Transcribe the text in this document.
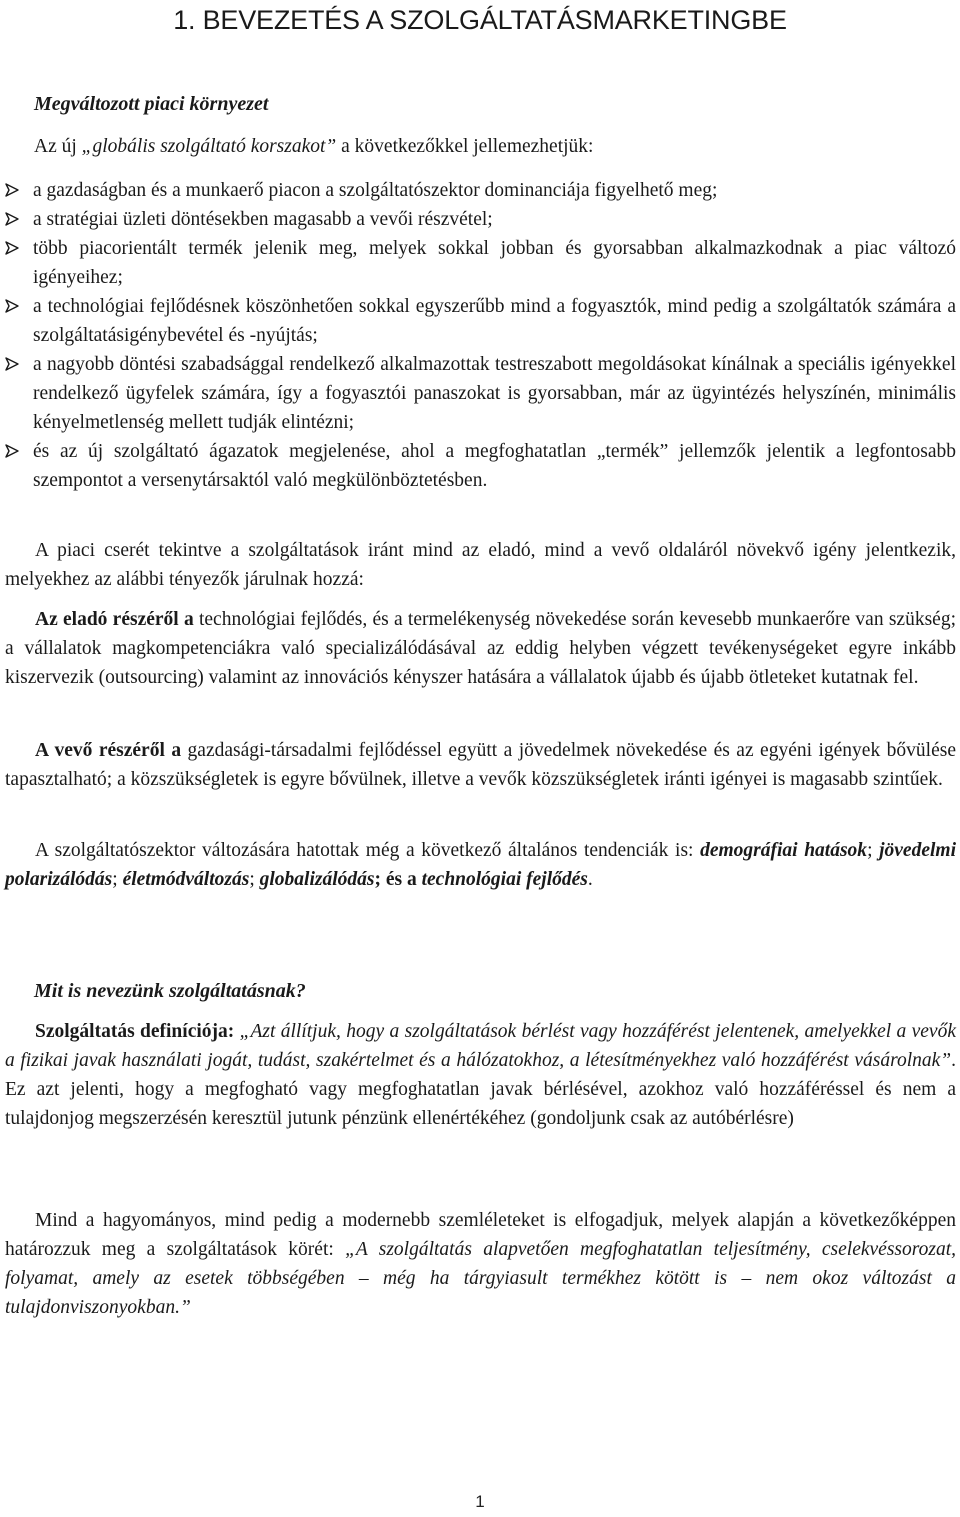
1. BEVEZETÉS A SZOLGÁLTATÁSMARKETINGBE
Megváltozott piaci környezet
Az új „globális szolgáltató korszakot” a következőkkel jellemezhetjük:
a gazdaságban és a munkaerő piacon a szolgáltatószektor dominanciája figyelhető meg;
a stratégiai üzleti döntésekben magasabb a vevői részvétel;
több piacorientált termék jelenik meg, melyek sokkal jobban és gyorsabban alkalmazkodnak a piac változó igényeihez;
a technológiai fejlődésnek köszönhetően sokkal egyszerűbb mind a fogyasztók, mind pedig a szolgáltatók számára a szolgáltatásigénybevétel és -nyújtás;
a nagyobb döntési szabadsággal rendelkező alkalmazottak testreszabott megoldásokat kínálnak a speciális igényekkel rendelkező ügyfelek számára, így a fogyasztói panaszokat is gyorsabban, már az ügyintézés helyszínén, minimális kényelmetlenség mellett tudják elintézni;
és az új szolgáltató ágazatok megjelenése, ahol a megfoghatatlan „termék” jellemzők jelentik a legfontosabb szempontot a versenytársaktól való megkülönböztetésben.
A piaci cserét tekintve a szolgáltatások iránt mind az eladó, mind a vevő oldaláról növekvő igény jelentkezik, melyekhez az alábbi tényezők járulnak hozzá:
Az eladó részéről a technológiai fejlődés, és a termelékenység növekedése során kevesebb munkaerőre van szükség; a vállalatok magkompetenciákra való specializálódásával az eddig helyben végzett tevékenységeket egyre inkább kiszervezik (outsourcing) valamint az innovációs kényszer hatására a vállalatok újabb és újabb ötleteket kutatnak fel.
A vevő részéről a gazdasági-társadalmi fejlődéssel együtt a jövedelmek növekedése és az egyéni igények bővülése tapasztalható; a közszükségletek is egyre bővülnek, illetve a vevők közszükségletek iránti igényei is magasabb szintűek.
A szolgáltatószektor változására hatottak még a következő általános tendenciák is: demográfiai hatások; jövedelmi polarizálódás; életmódváltozás; globalizálódás; és a technológiai fejlődés.
Mit is nevezünk szolgáltatásnak?
Szolgáltatás definíciója: „Azt állítjuk, hogy a szolgáltatások bérlést vagy hozzáférést jelentenek, amelyekkel a vevők a fizikai javak használati jogát, tudást, szakértelmet és a hálózatokhoz, a létesítményekhez való hozzáférést vásárolnak”. Ez azt jelenti, hogy a megfogható vagy megfoghatatlan javak bérlésével, azokhoz való hozzáféréssel és nem a tulajdonjog megszerzésén keresztül jutunk pénzünk ellenértékéhez (gondoljunk csak az autóbérlésre)
Mind a hagyományos, mind pedig a modernebb szemléleteket is elfogadjuk, melyek alapján a következőképpen határozzuk meg a szolgáltatások körét: „A szolgáltatás alapvetően megfoghatatlan teljesítmény, cselekvéssorozat, folyamat, amely az esetek többségében – még ha tárgyiasult termékhez kötött is – nem okoz változást a tulajdonviszonyokban.”
1
